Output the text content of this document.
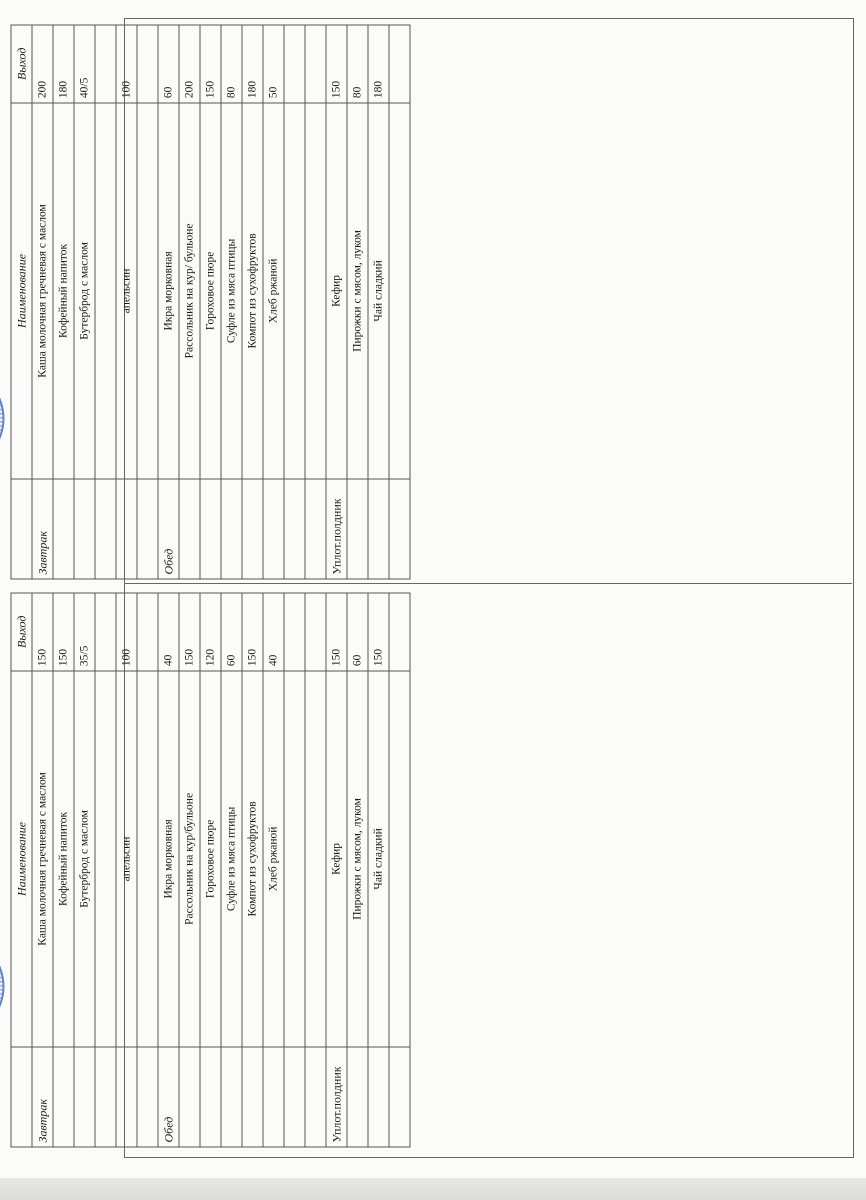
	Наименование	Выход
Завтрак	Каша молочная гречневая с маслом	200
	Кофейный напиток	180
	Бутерброд с маслом	40/5

	апельсин	100

Обед	Икра морковная	60
	Рассольник на кур/ бульоне	200
	Гороховое пюре	150
	Суфле из мяса птицы	80
	Компот из сухофруктов	180
	Хлеб ржаной	50

Уплот.полдник	Кефир	150
	Пирожки с мясом, луком	80
	Чай сладкий	180

	Наименование	Выход
Завтрак	Каша молочная гречневая с маслом	150
	Кофейный напиток	150
	Бутерброд с маслом	35/5

	апельсин	100

Обед	Икра морковная	40
	Рассольник на кур/бульоне	150
	Гороховое пюре	120
	Суфле из мяса птицы	60
	Компот из сухофруктов	150
	Хлеб ржаной	40

Уплот.полдник	Кефир	150
	Пирожки с мясом, луком	60
	Чай сладкий	150
